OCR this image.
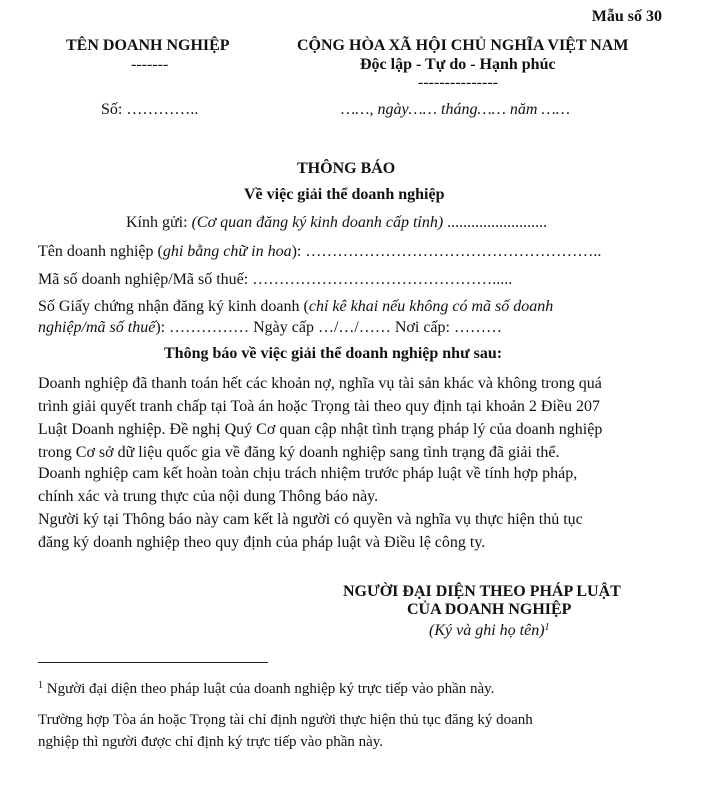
Mẫu số 30
TÊN DOANH NGHIỆP
-------
Số: …………..
CỘNG HÒA XÃ HỘI CHỦ NGHĨA VIỆT NAM
Độc lập - Tự do - Hạnh phúc
---------------
……, ngày…… tháng…… năm ……
THÔNG BÁO
Về việc giải thể doanh nghiệp
Kính gửi: (Cơ quan đăng ký kinh doanh cấp tỉnh) .........................
Tên doanh nghiệp (ghi bằng chữ in hoa): ………………………………………………..
Mã số doanh nghiệp/Mã số thuế: ……………………………………….....
Số Giấy chứng nhận đăng ký kinh doanh (chỉ kê khai nếu không có mã số doanh
nghiệp/mã số thuế): …………… Ngày cấp …/…/…… Nơi cấp: ………
Thông báo về việc giải thể doanh nghiệp như sau:
Doanh nghiệp đã thanh toán hết các khoản nợ, nghĩa vụ tài sản khác và không trong quá
trình giải quyết tranh chấp tại Toà án hoặc Trọng tài theo quy định tại khoản 2 Điều 207
Luật Doanh nghiệp. Đề nghị Quý Cơ quan cập nhật tình trạng pháp lý của doanh nghiệp
trong Cơ sở dữ liệu quốc gia về đăng ký doanh nghiệp sang tình trạng đã giải thể.
Doanh nghiệp cam kết hoàn toàn chịu trách nhiệm trước pháp luật về tính hợp pháp,
chính xác và trung thực của nội dung Thông báo này.
Người ký tại Thông báo này cam kết là người có quyền và nghĩa vụ thực hiện thủ tục
đăng ký doanh nghiệp theo quy định của pháp luật và Điều lệ công ty.
NGƯỜI ĐẠI DIỆN THEO PHÁP LUẬT
CỦA DOANH NGHIỆP
(Ký và ghi họ tên)$^1$
$^1$ Người đại diện theo pháp luật của doanh nghiệp ký trực tiếp vào phần này.
Trường hợp Tòa án hoặc Trọng tài chỉ định người thực hiện thủ tục đăng ký doanh
nghiệp thì người được chỉ định ký trực tiếp vào phần này.
